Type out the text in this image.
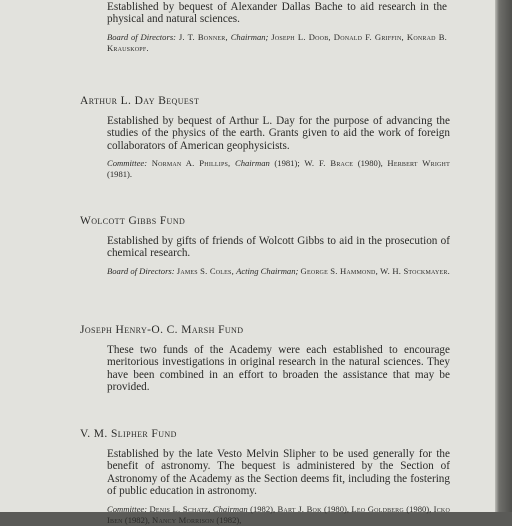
Established by bequest of Alexander Dallas Bache to aid research in the physical and natural sciences.

Board of Directors: J. T. Bonner, Chairman; Joseph L. Doob, Donald F. Griffin, Konrad B. Krauskopf.

Arthur L. Day Bequest

Established by bequest of Arthur L. Day for the purpose of advancing the studies of the physics of the earth. Grants given to aid the work of foreign collaborators of American geophysicists.

Committee: Norman A. Phillips, Chairman (1981); W. F. Brace (1980), Herbert Wright (1981).

Wolcott Gibbs Fund

Established by gifts of friends of Wolcott Gibbs to aid in the prosecution of chemical research.

Board of Directors: James S. Coles, Acting Chairman; George S. Hammond, W. H. Stockmayer.

Joseph Henry-O. C. Marsh Fund

These two funds of the Academy were each established to encourage meritorious investigations in original research in the natural sciences. They have been combined in an effort to broaden the assistance that may be provided.

V. M. Slipher Fund

Established by the late Vesto Melvin Slipher to be used generally for the benefit of astronomy. The bequest is administered by the Section of Astronomy of the Academy as the Section deems fit, including the fostering of public education in astronomy.

Committee: Denis L. Schatz, Chairman (1982), Bart J. Bok (1980), Leo Goldberg (1980), Icko Iben (1982), Nancy Morrison (1982),
